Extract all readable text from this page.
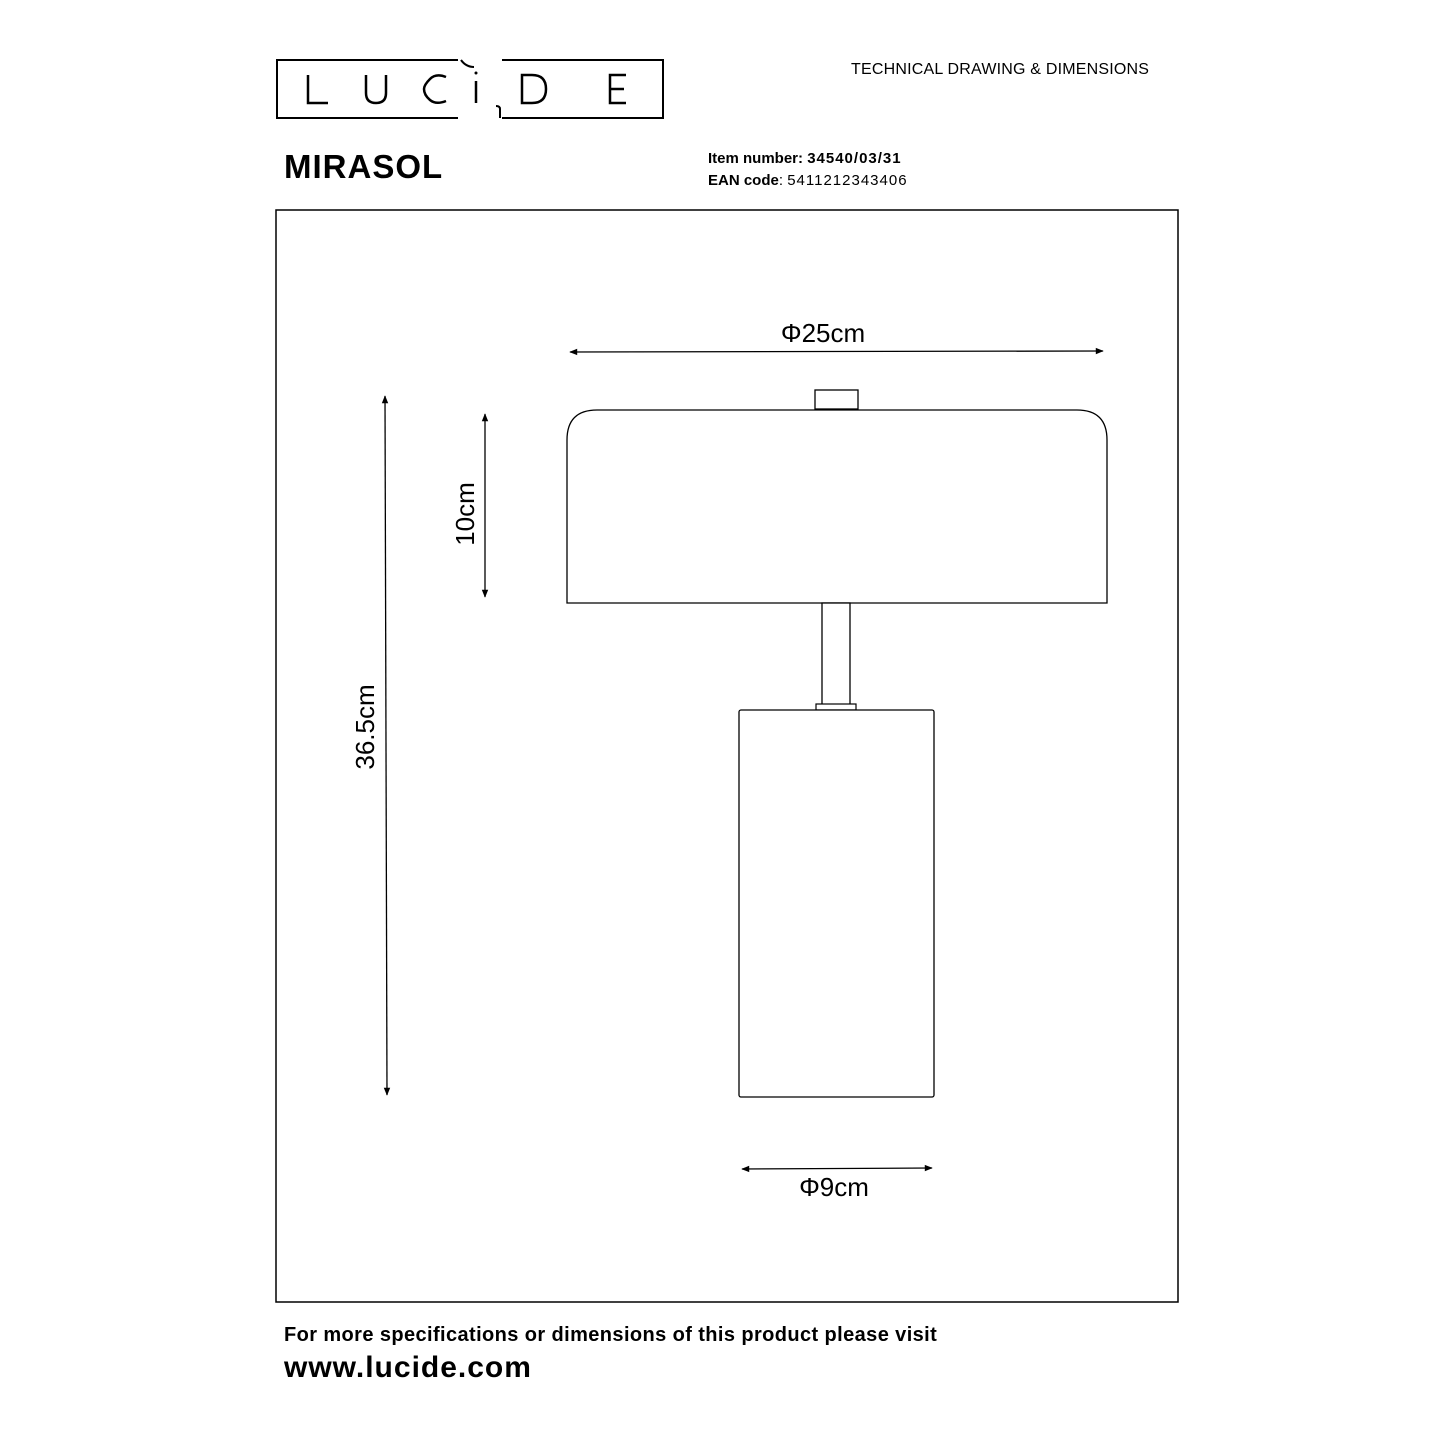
TECHNICAL DRAWING & DIMENSIONS
MIRASOL	Item number: 34540/03/31
EAN code: 5411212343406
Φ25cm
10cm
36.5cm
Φ9cm
For more specifications or dimensions of this product please visit
www.lucide.com
